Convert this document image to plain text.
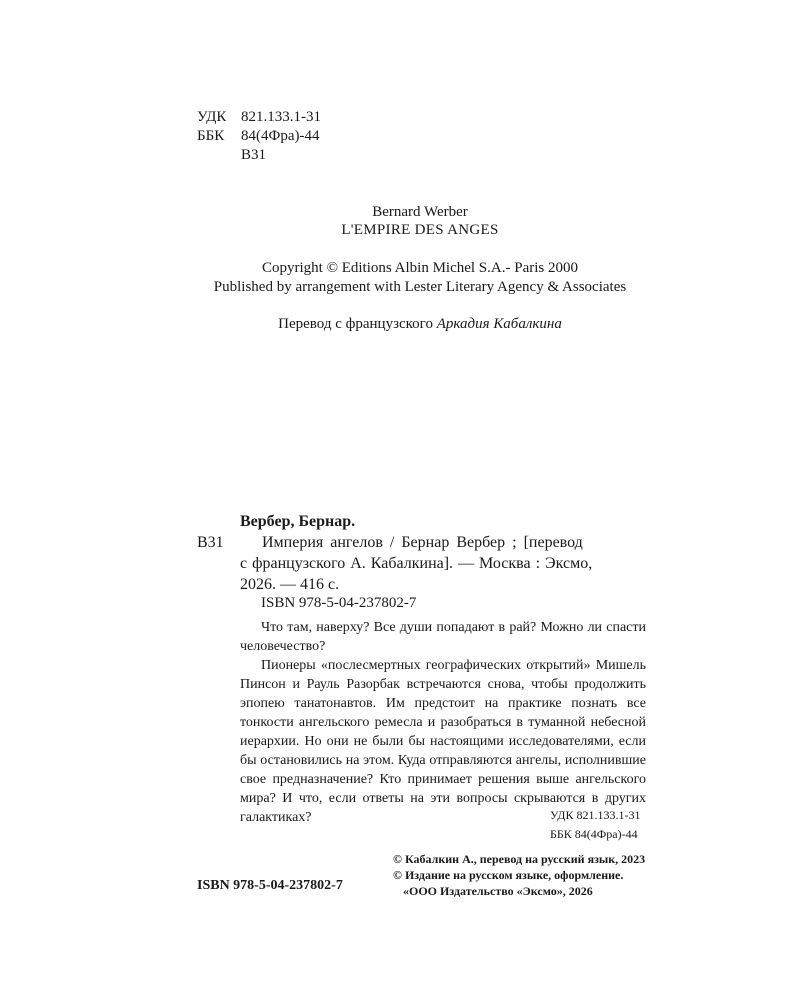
УДК 821.133.1-31
ББК	84(4Фра)-44
В31
Bernard Werber
L'EMPIRE DES ANGES
Copyright © Editions Albin Michel S.A.- Paris 2000
Published by arrangement with Lester Literary Agency & Associates
Перевод с французского Аркадия Кабалкина
Вербер, Бернар.
В31 Империя ангелов / Бернар Вербер ; [перевод
с французского А. Кабалкина]. — Москва : Эксмо,
2026. — 416 с.
ISBN 978-5-04-237802-7

Что там, наверху? Все души попадают в рай? Можно ли спасти человечество?

Пионеры «послесмертных географических открытий» Мишель Пинсон и Рауль Разорбак встречаются снова, чтобы продолжить эпопею танатонавтов. Им предстоит на практике познать все тонкости ангельского ремесла и разобраться в туманной небесной иерархии. Но они не были бы настоящими исследователями, если бы остановились на этом. Куда отправляются ангелы, исполнившие свое предназначение? Кто принимает решения выше ангельского мира? И что, если ответы на эти вопросы скрываются в других галактиках?	УДК 821.133.1-31
ББК 84(4Фра)-44
ISBN 978-5-04-237802-7
© Кабалкин А., перевод на русский язык, 2023
© Издание на русском языке, оформление.
«ООО Издательство «Эксмо», 2026
